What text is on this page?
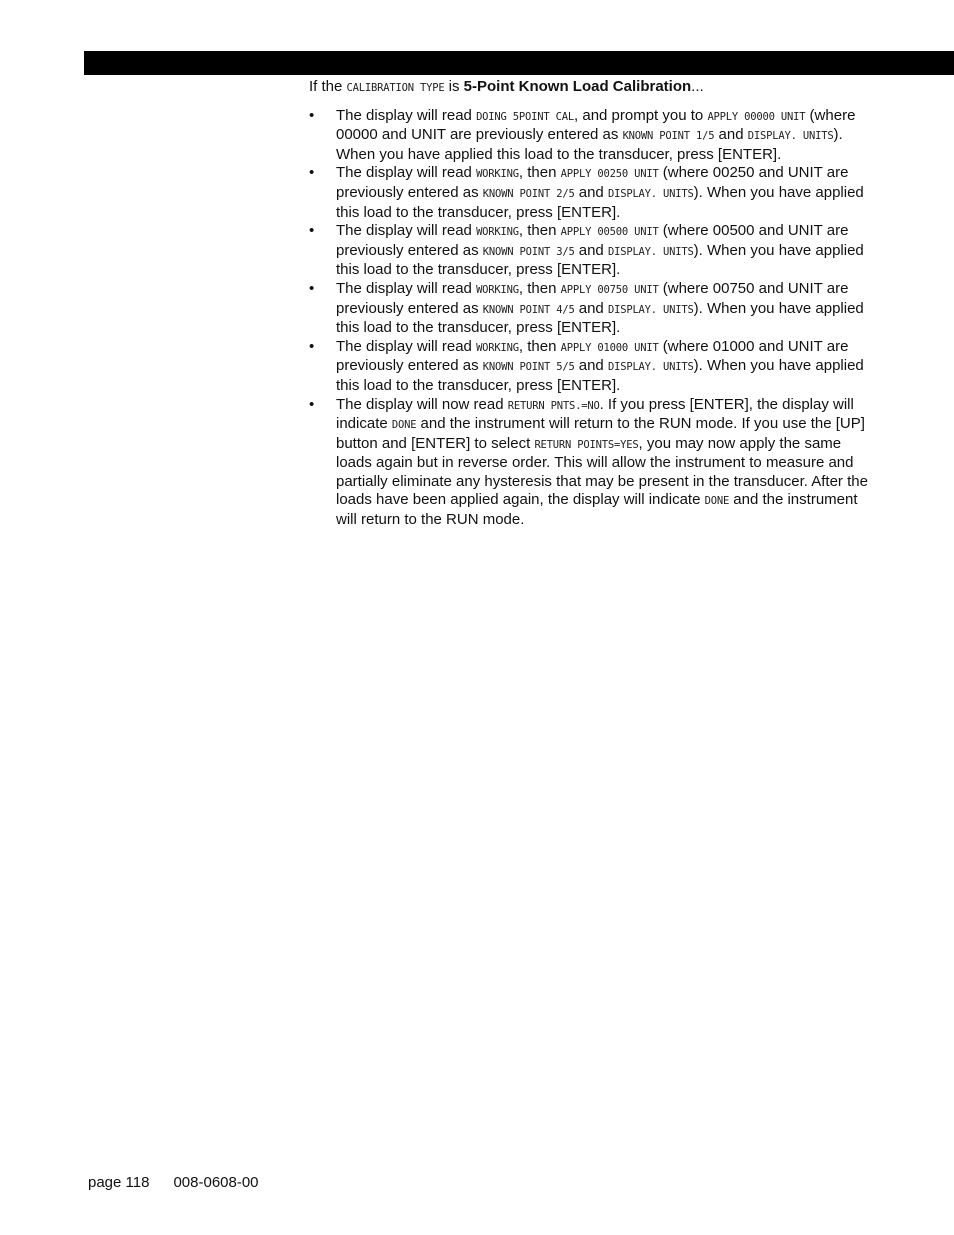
If the CALIBRATION TYPE is 5-Point Known Load Calibration...

• The display will read DOING 5POINT CAL, and prompt you to APPLY 00000 UNIT (where 00000 and UNIT are previously entered as KNOWN POINT 1/5 and DISPLAY. UNITS). When you have applied this load to the transducer, press [ENTER].
• The display will read WORKING, then APPLY 00250 UNIT (where 00250 and UNIT are previously entered as KNOWN POINT 2/5 and DISPLAY. UNITS). When you have applied this load to the transducer, press [ENTER].
• The display will read WORKING, then APPLY 00500 UNIT (where 00500 and UNIT are previously entered as KNOWN POINT 3/5 and DISPLAY. UNITS). When you have applied this load to the transducer, press [ENTER].
• The display will read WORKING, then APPLY 00750 UNIT (where 00750 and UNIT are previously entered as KNOWN POINT 4/5 and DISPLAY. UNITS). When you have applied this load to the transducer, press [ENTER].
• The display will read WORKING, then APPLY 01000 UNIT (where 01000 and UNIT are previously entered as KNOWN POINT 5/5 and DISPLAY. UNITS). When you have applied this load to the transducer, press [ENTER].
• The display will now read RETURN PNTS.=NO. If you press [ENTER], the display will indicate DONE and the instrument will return to the RUN mode. If you use the [UP] button and [ENTER] to select RETURN POINTS=YES, you may now apply the same loads again but in reverse order. This will allow the instrument to measure and partially eliminate any hysteresis that may be present in the transducer. After the loads have been applied again, the display will indicate DONE and the instrument will return to the RUN mode.
page 118 008-0608-00
